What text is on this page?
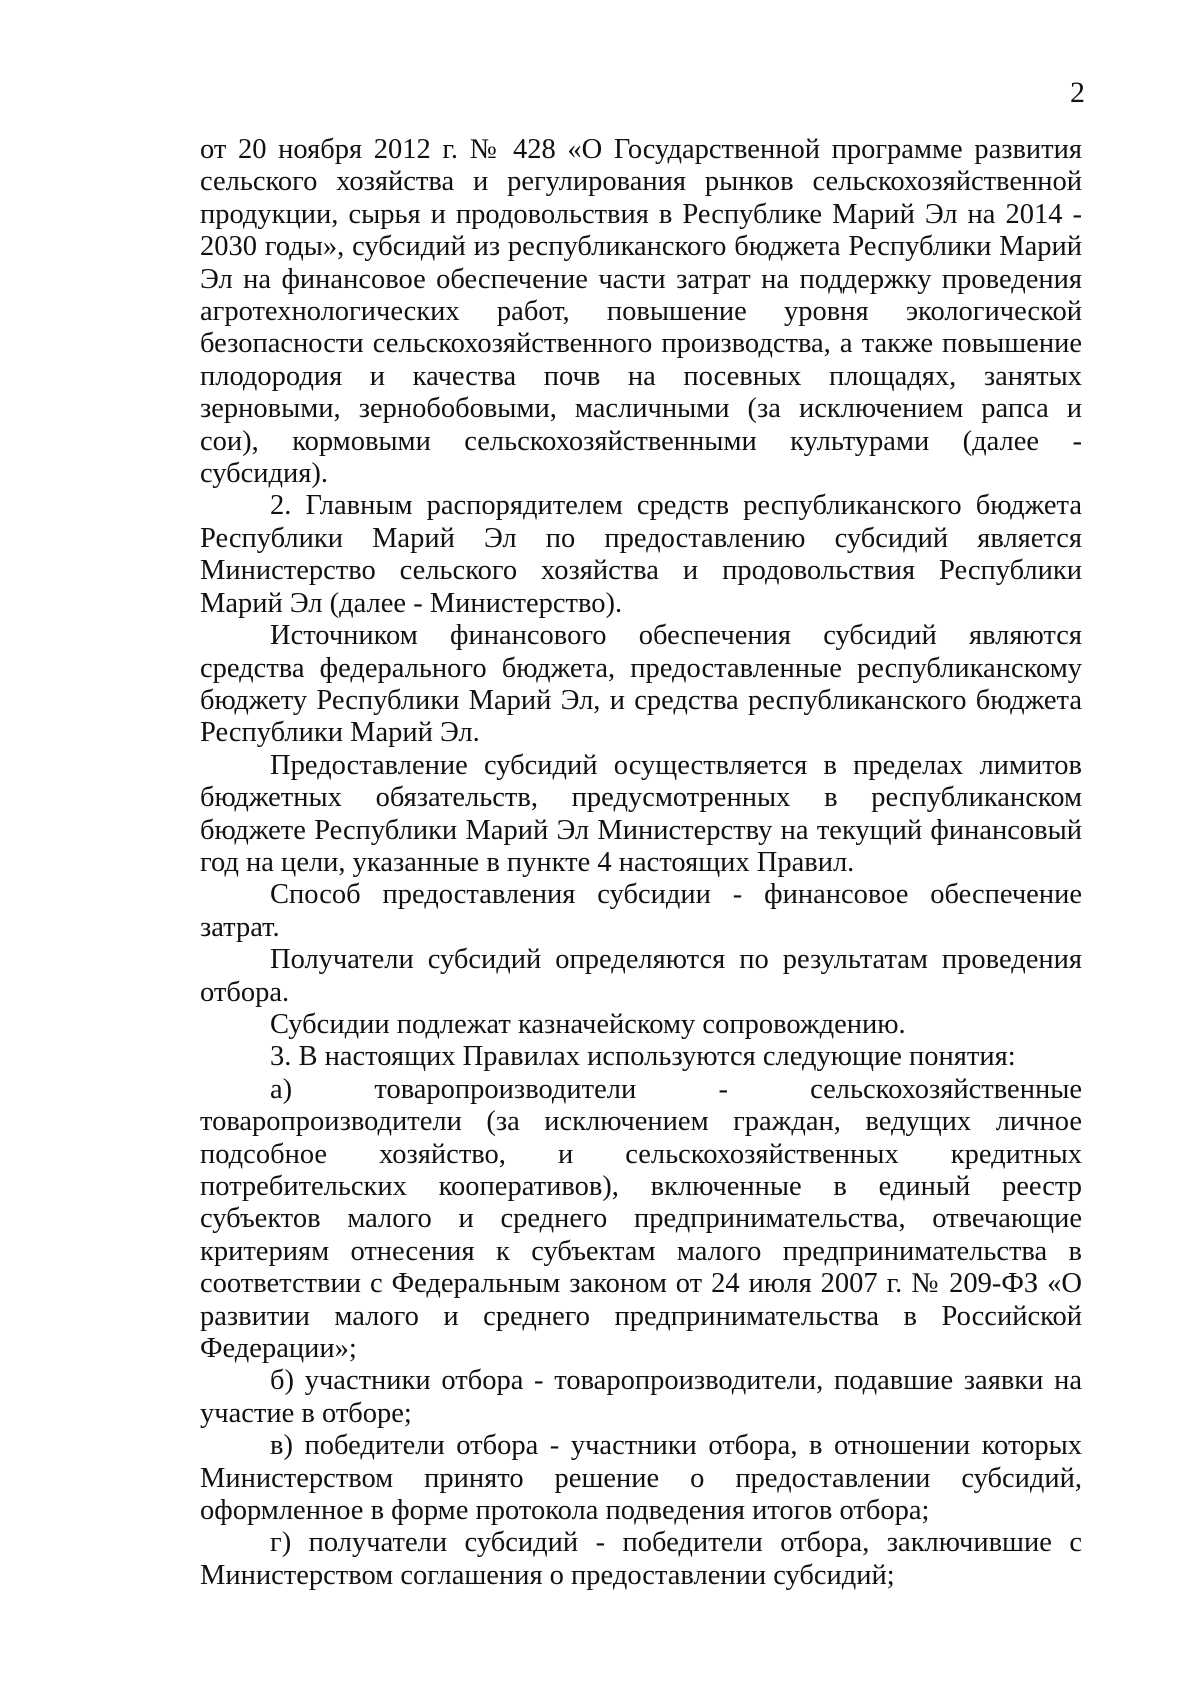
2

от 20 ноября 2012 г. № 428 «О Государственной программе развития сельского хозяйства и регулирования рынков сельскохозяйственной продукции, сырья и продовольствия в Республике Марий Эл на 2014 - 2030 годы», субсидий из республиканского бюджета Республики Марий Эл на финансовое обеспечение части затрат на поддержку проведения агротехнологических работ, повышение уровня экологической безопасности сельскохозяйственного производства, а также повышение плодородия и качества почв на посевных площадях, занятых зерновыми, зернобобовыми, масличными (за исключением рапса и сои), кормовыми сельскохозяйственными культурами (далее - субсидия).

2. Главным распорядителем средств республиканского бюджета Республики Марий Эл по предоставлению субсидий является Министерство сельского хозяйства и продовольствия Республики Марий Эл (далее - Министерство).

Источником финансового обеспечения субсидий являются средства федерального бюджета, предоставленные республиканскому бюджету Республики Марий Эл, и средства республиканского бюджета Республики Марий Эл.

Предоставление субсидий осуществляется в пределах лимитов бюджетных обязательств, предусмотренных в республиканском бюджете Республики Марий Эл Министерству на текущий финансовый год на цели, указанные в пункте 4 настоящих Правил.

Способ предоставления субсидии - финансовое обеспечение затрат.

Получатели субсидий определяются по результатам проведения отбора.

Субсидии подлежат казначейскому сопровождению.

3. В настоящих Правилах используются следующие понятия:

а) товаропроизводители - сельскохозяйственные товаропроизводители (за исключением граждан, ведущих личное подсобное хозяйство, и сельскохозяйственных кредитных потребительских кооперативов), включенные в единый реестр субъектов малого и среднего предпринимательства, отвечающие критериям отнесения к субъектам малого предпринимательства в соответствии с Федеральным законом от 24 июля 2007 г. № 209-ФЗ «О развитии малого и среднего предпринимательства в Российской Федерации»;

б) участники отбора - товаропроизводители, подавшие заявки на участие в отборе;

в) победители отбора - участники отбора, в отношении которых Министерством принято решение о предоставлении субсидий, оформленное в форме протокола подведения итогов отбора;

г) получатели субсидий - победители отбора, заключившие с Министерством соглашения о предоставлении субсидий;
